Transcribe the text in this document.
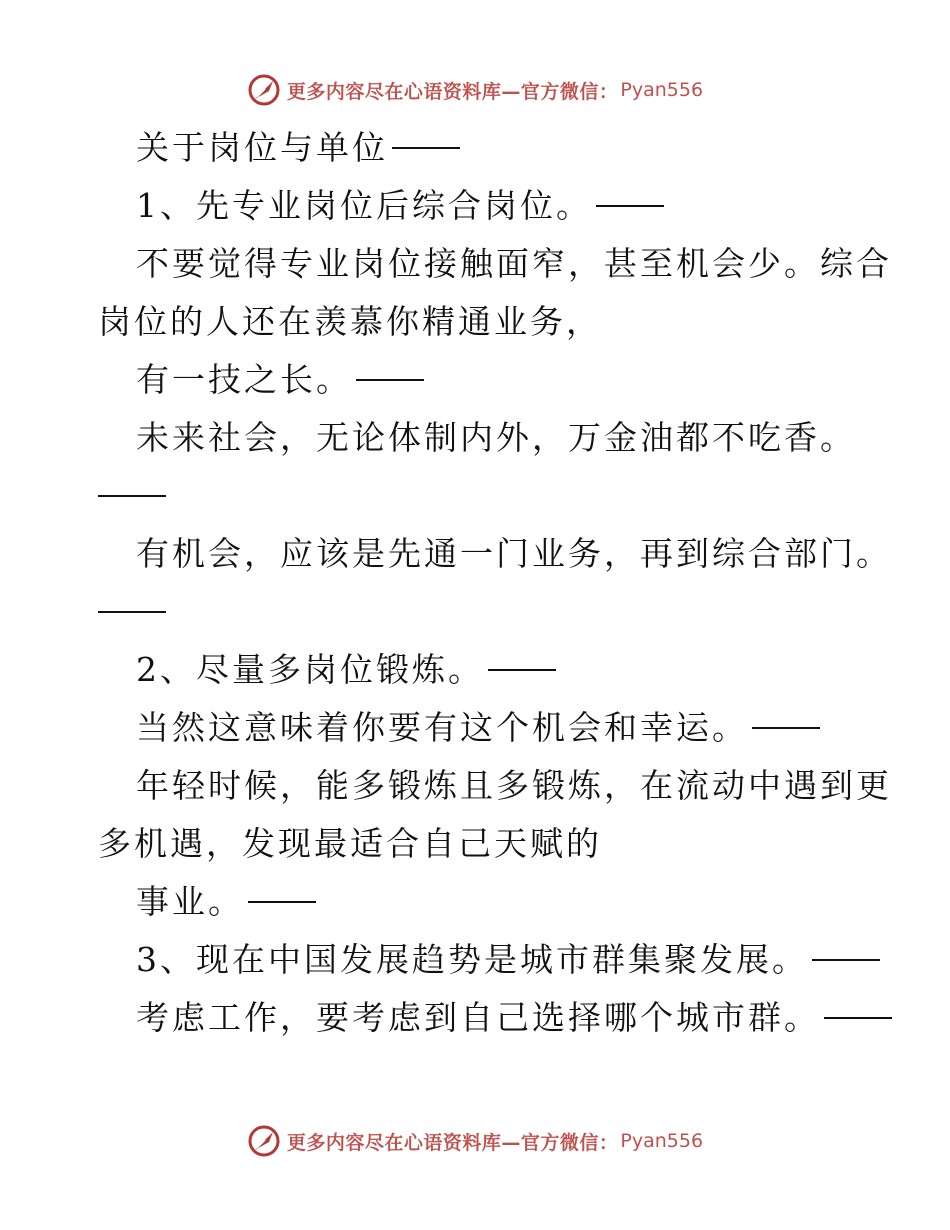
更多内容尽在心语资料库—官方微信： Pyan556
关于岗位与单位
1、先专业岗位后综合岗位。
不要觉得专业岗位接触面窄，甚至机会少。综合
岗位的人还在羡慕你精通业务，
有一技之长。
未来社会，无论体制内外，万金油都不吃香。
有机会，应该是先通一门业务，再到综合部门。
2、尽量多岗位锻炼。
当然这意味着你要有这个机会和幸运。
年轻时候，能多锻炼且多锻炼，在流动中遇到更
多机遇，发现最适合自己天赋的
事业。
3、现在中国发展趋势是城市群集聚发展。
考虑工作，要考虑到自己选择哪个城市群。
更多内容尽在心语资料库—官方微信： Pyan556
